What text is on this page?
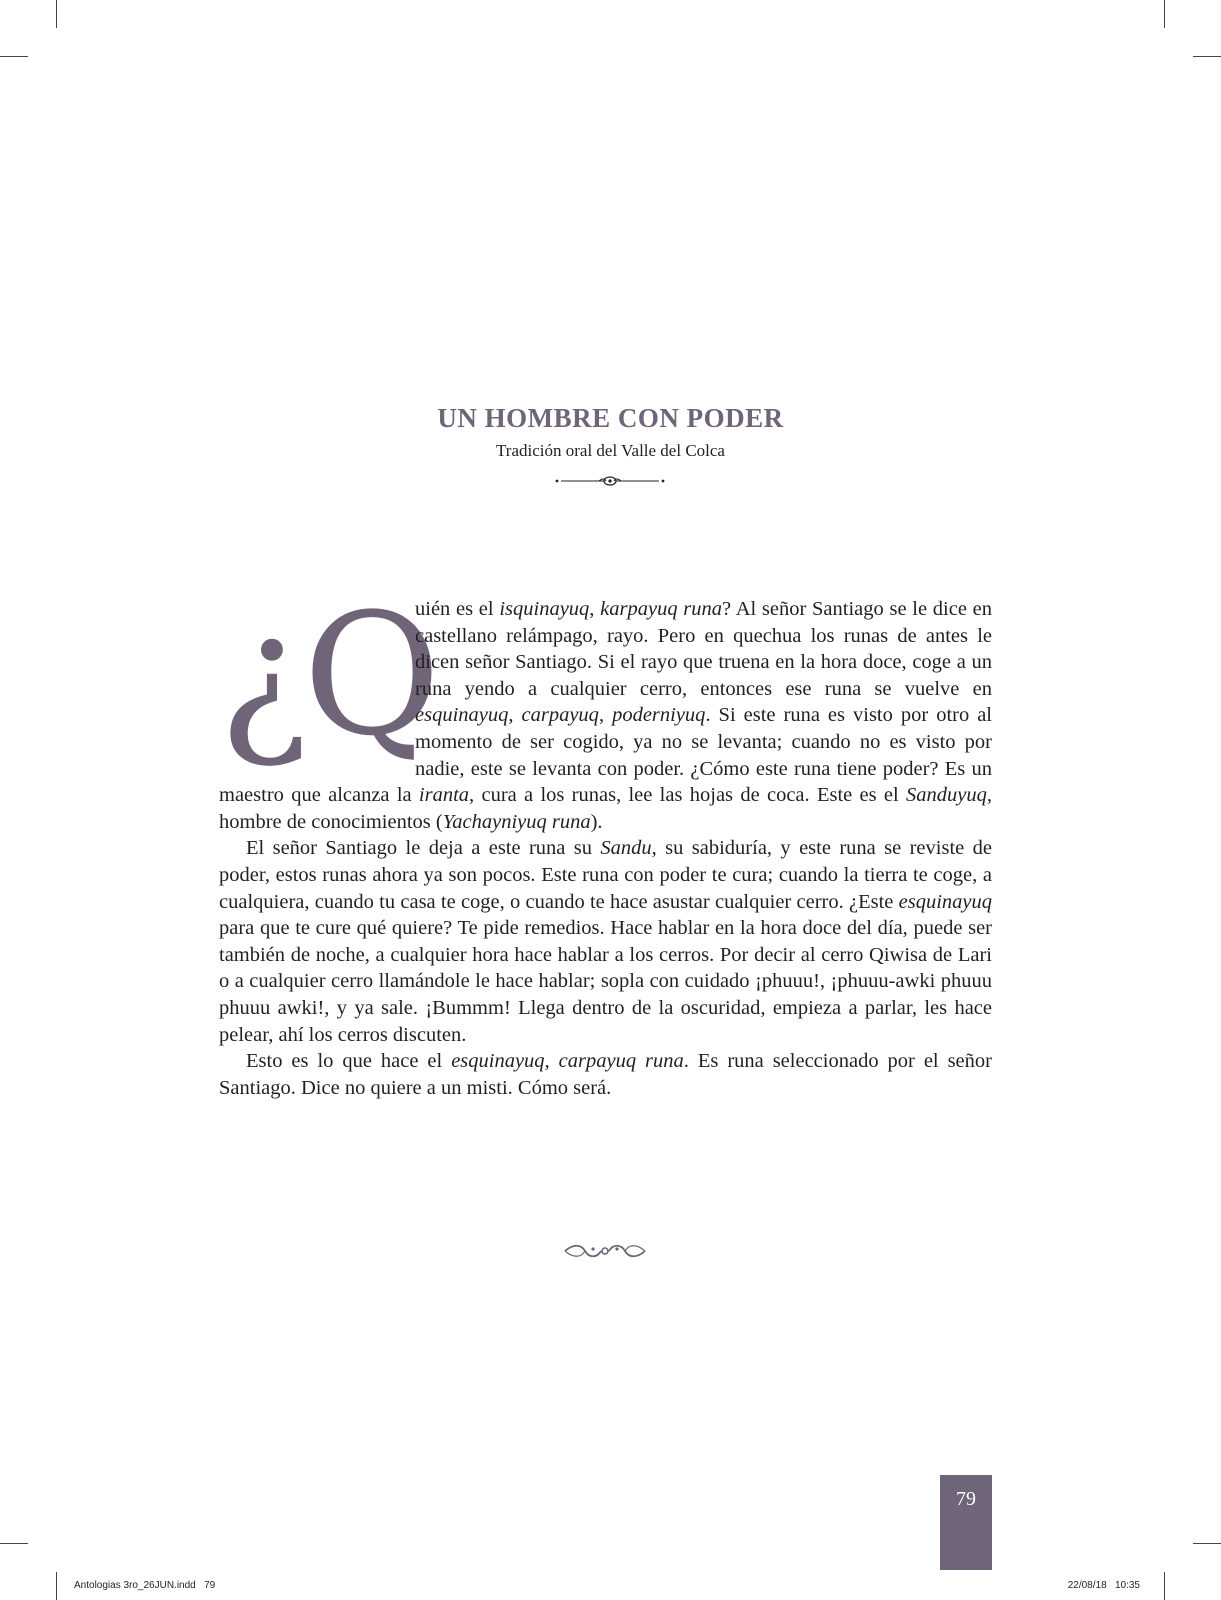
UN HOMBRE CON PODER
Tradición oral del Valle del Colca

¿Q
uién es el isquinayuq, karpayuq runa? Al señor Santiago se le dice en castellano relámpago, rayo. Pero en quechua los runas de antes le dicen señor Santiago. Si el rayo que truena en la hora doce, coge a un runa yendo a cualquier cerro, entonces ese runa se vuelve en esquinayuq, carpayuq, poderniyuq. Si este runa es visto por otro al momento de ser cogido, ya no se levanta; cuando no es visto por nadie, este se levanta con poder. ¿Cómo este runa tiene poder? Es un maestro que alcanza la iranta, cura a los runas, lee las hojas de coca. Este es el Sanduyuq, hombre de conocimientos (Yachayniyuq runa).

El señor Santiago le deja a este runa su Sandu, su sabiduría, y este runa se reviste de poder, estos runas ahora ya son pocos. Este runa con poder te cura; cuando la tierra te coge, a cualquiera, cuando tu casa te coge, o cuando te hace asustar cualquier cerro. ¿Este esquinayuq para que te cure qué quiere? Te pide remedios. Hace hablar en la hora doce del día, puede ser también de noche, a cualquier hora hace hablar a los cerros. Por decir al cerro Qiwisa de Lari o a cualquier cerro llamándole le hace hablar; sopla con cuidado ¡phuuu!, ¡phuuu-awki phuuu phuuu awki!, y ya sale. ¡Bummm! Llega dentro de la oscuridad, empieza a parlar, les hace pelear, ahí los cerros discuten.

Esto es lo que hace el esquinayuq, carpayuq runa. Es runa seleccionado por el señor Santiago. Dice no quiere a un misti. Cómo será.

79
Antologias 3ro_26JUN.indd   79	22/08/18   10:35
